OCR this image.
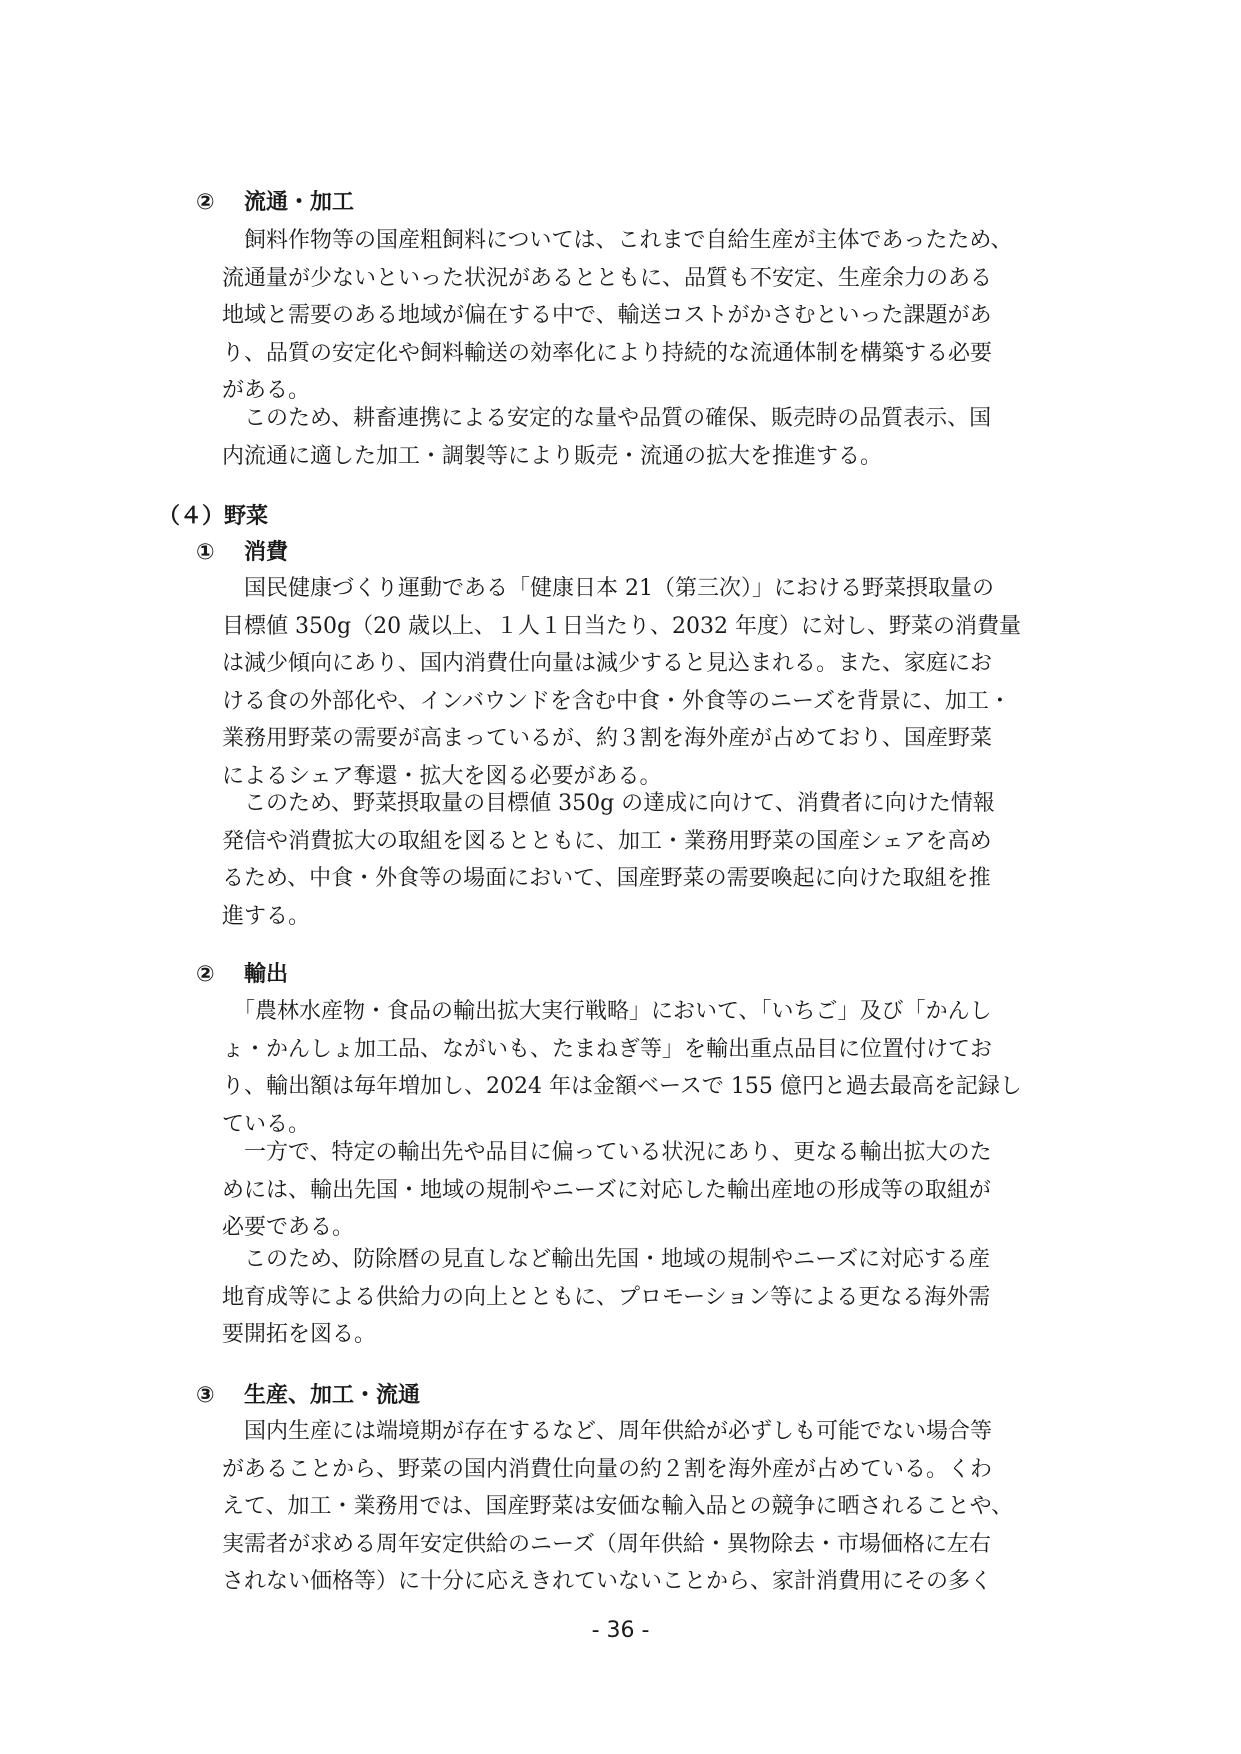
② 流通・加工

　飼料作物等の国産粗飼料については、これまで自給生産が主体であったため、
流通量が少ないといった状況があるとともに、品質も不安定、生産余力のある
地域と需要のある地域が偏在する中で、輸送コストがかさむといった課題があ
り、品質の安定化や飼料輸送の効率化により持続的な流通体制を構築する必要
がある。

　このため、耕畜連携による安定的な量や品質の確保、販売時の品質表示、国
内流通に適した加工・調製等により販売・流通の拡大を推進する。

（４）野菜
① 消費

　国民健康づくり運動である「健康日本 21（第三次）」における野菜摂取量の
目標値 350g（20 歳以上、１人１日当たり、2032 年度）に対し、野菜の消費量
は減少傾向にあり、国内消費仕向量は減少すると見込まれる。また、家庭にお
ける食の外部化や、インバウンドを含む中食・外食等のニーズを背景に、加工・
業務用野菜の需要が高まっているが、約３割を海外産が占めており、国産野菜
によるシェア奪還・拡大を図る必要がある。

　このため、野菜摂取量の目標値 350g の達成に向けて、消費者に向けた情報
発信や消費拡大の取組を図るとともに、加工・業務用野菜の国産シェアを高め
るため、中食・外食等の場面において、国産野菜の需要喚起に向けた取組を推
進する。

② 輸出

　「農林水産物・食品の輸出拡大実行戦略」において、「いちご」及び「かんし
ょ・かんしょ加工品、ながいも、たまねぎ等」を輸出重点品目に位置付けてお
り、輸出額は毎年増加し、2024 年は金額ベースで 155 億円と過去最高を記録し
ている。

　一方で、特定の輸出先や品目に偏っている状況にあり、更なる輸出拡大のた
めには、輸出先国・地域の規制やニーズに対応した輸出産地の形成等の取組が
必要である。

　このため、防除暦の見直しなど輸出先国・地域の規制やニーズに対応する産
地育成等による供給力の向上とともに、プロモーション等による更なる海外需
要開拓を図る。

③ 生産、加工・流通

　国内生産には端境期が存在するなど、周年供給が必ずしも可能でない場合等
があることから、野菜の国内消費仕向量の約２割を海外産が占めている。くわ
えて、加工・業務用では、国産野菜は安価な輸入品との競争に晒されることや、
実需者が求める周年安定供給のニーズ（周年供給・異物除去・市場価格に左右
されない価格等）に十分に応えきれていないことから、家計消費用にその多く

- 36 -
